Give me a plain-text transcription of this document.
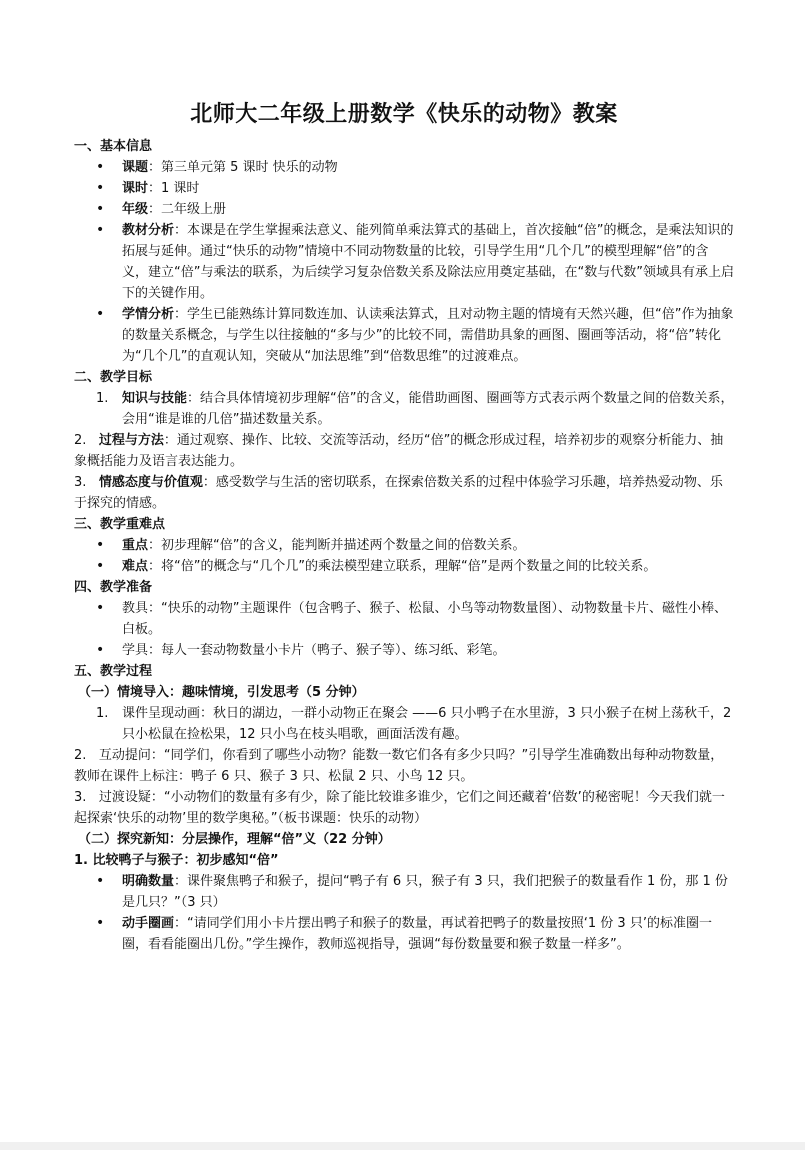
北师大二年级上册数学《快乐的动物》教案

一、基本信息

• 课题：第三单元第 5 课时 快乐的动物
• 课时：1 课时
• 年级：二年级上册
• 教材分析：本课是在学生掌握乘法意义、能列简单乘法算式的基础上，首次接触“倍”的概念，是乘法知识的拓展与延伸。通过“快乐的动物”情境中不同动物数量的比较，引导学生用“几个几”的模型理解“倍”的含义，建立“倍”与乘法的联系，为后续学习复杂倍数关系及除法应用奠定基础，在“数与代数”领域具有承上启下的关键作用。
• 学情分析：学生已能熟练计算同数连加、认读乘法算式，且对动物主题的情境有天然兴趣，但“倍”作为抽象的数量关系概念，与学生以往接触的“多与少”的比较不同，需借助具象的画图、圈画等活动，将“倍”转化为“几个几”的直观认知，突破从“加法思维”到“倍数思维”的过渡难点。

二、教学目标

1. 知识与技能：结合具体情境初步理解“倍”的含义，能借助画图、圈画等方式表示两个数量之间的倍数关系，会用“谁是谁的几倍”描述数量关系。

2. 过程与方法：通过观察、操作、比较、交流等活动，经历“倍”的概念形成过程，培养初步的观察分析能力、抽象概括能力及语言表达能力。

3. 情感态度与价值观：感受数学与生活的密切联系，在探索倍数关系的过程中体验学习乐趣，培养热爱动物、乐于探究的情感。

三、教学重难点

• 重点：初步理解“倍”的含义，能判断并描述两个数量之间的倍数关系。
• 难点：将“倍”的概念与“几个几”的乘法模型建立联系，理解“倍”是两个数量之间的比较关系。

四、教学准备

• 教具：“快乐的动物”主题课件（包含鸭子、猴子、松鼠、小鸟等动物数量图）、动物数量卡片、磁性小棒、白板。
• 学具：每人一套动物数量小卡片（鸭子、猴子等）、练习纸、彩笔。

五、教学过程

（一）情境导入：趣味情境，引发思考（5 分钟）

1. 课件呈现动画：秋日的湖边，一群小动物正在聚会 ——6 只小鸭子在水里游，3 只小猴子在树上荡秋千，2 只小松鼠在捡松果，12 只小鸟在枝头唱歌，画面活泼有趣。

2. 互动提问：“同学们，你看到了哪些小动物？能数一数它们各有多少只吗？”引导学生准确数出每种动物数量，教师在课件上标注：鸭子 6 只、猴子 3 只、松鼠 2 只、小鸟 12 只。

3. 过渡设疑：“小动物们的数量有多有少，除了能比较谁多谁少，它们之间还藏着‘倍数’的秘密呢！今天我们就一起探索‘快乐的动物’里的数学奥秘。”（板书课题：快乐的动物）

（二）探究新知：分层操作，理解“倍”义（22 分钟）

1. 比较鸭子与猴子：初步感知“倍”

• 明确数量：课件聚焦鸭子和猴子，提问“鸭子有 6 只，猴子有 3 只，我们把猴子的数量看作 1 份，那 1 份是几只？”（3 只）
• 动手圈画：“请同学们用小卡片摆出鸭子和猴子的数量，再试着把鸭子的数量按照‘1 份 3 只’的标准圈一圈，看看能圈出几份。”学生操作，教师巡视指导，强调“每份数量要和猴子数量一样多”。
